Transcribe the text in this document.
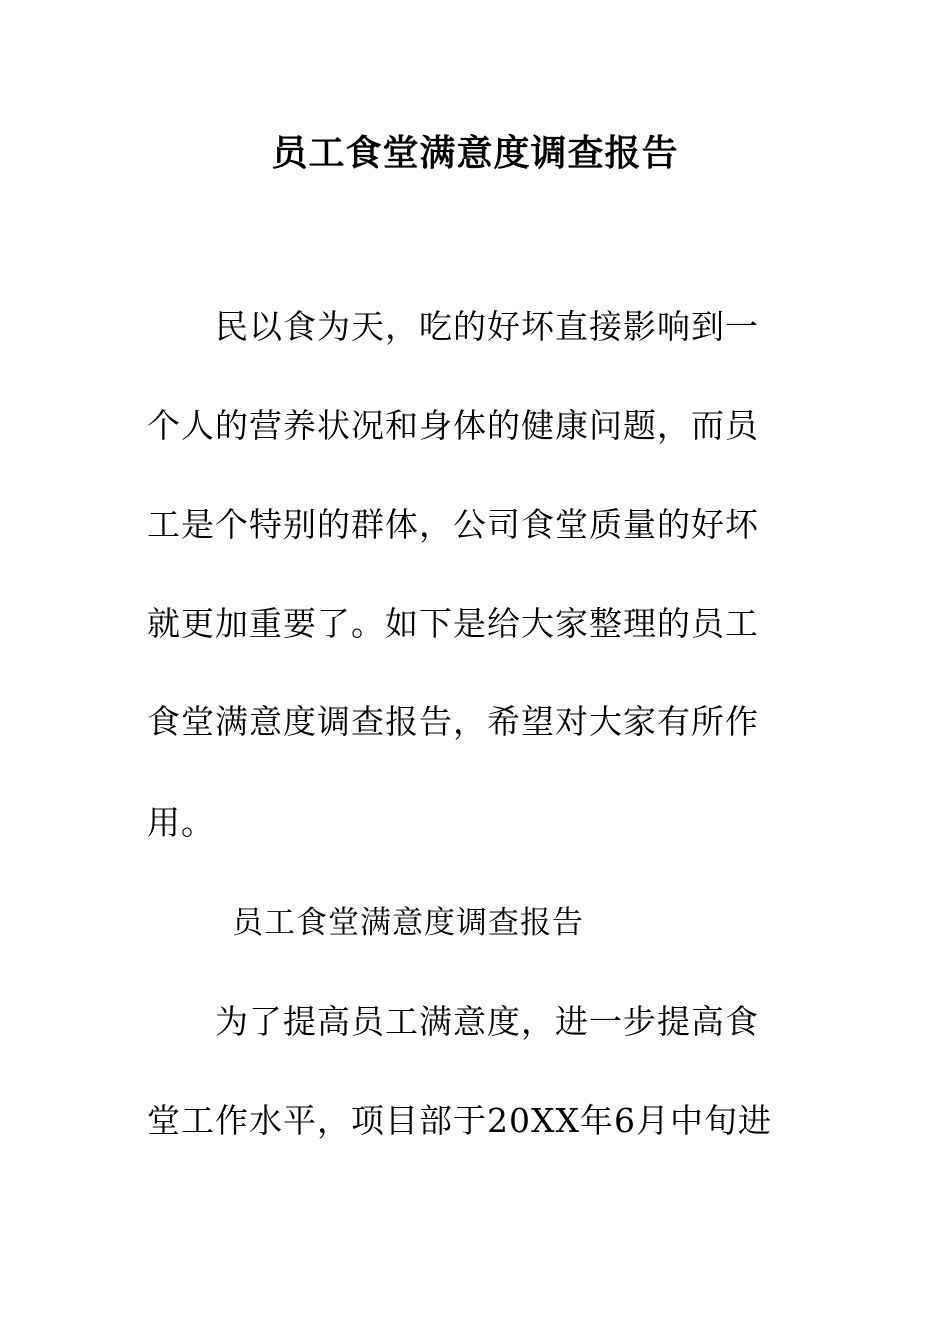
员工食堂满意度调查报告
民以食为天，吃的好坏直接影响到一
个人的营养状况和身体的健康问题，而员
工是个特别的群体，公司食堂质量的好坏
就更加重要了。如下是给大家整理的员工
食堂满意度调查报告，希望对大家有所作
用。
员工食堂满意度调查报告
为了提高员工满意度，进一步提高食
堂工作水平，项目部于20XX年6月中旬进
